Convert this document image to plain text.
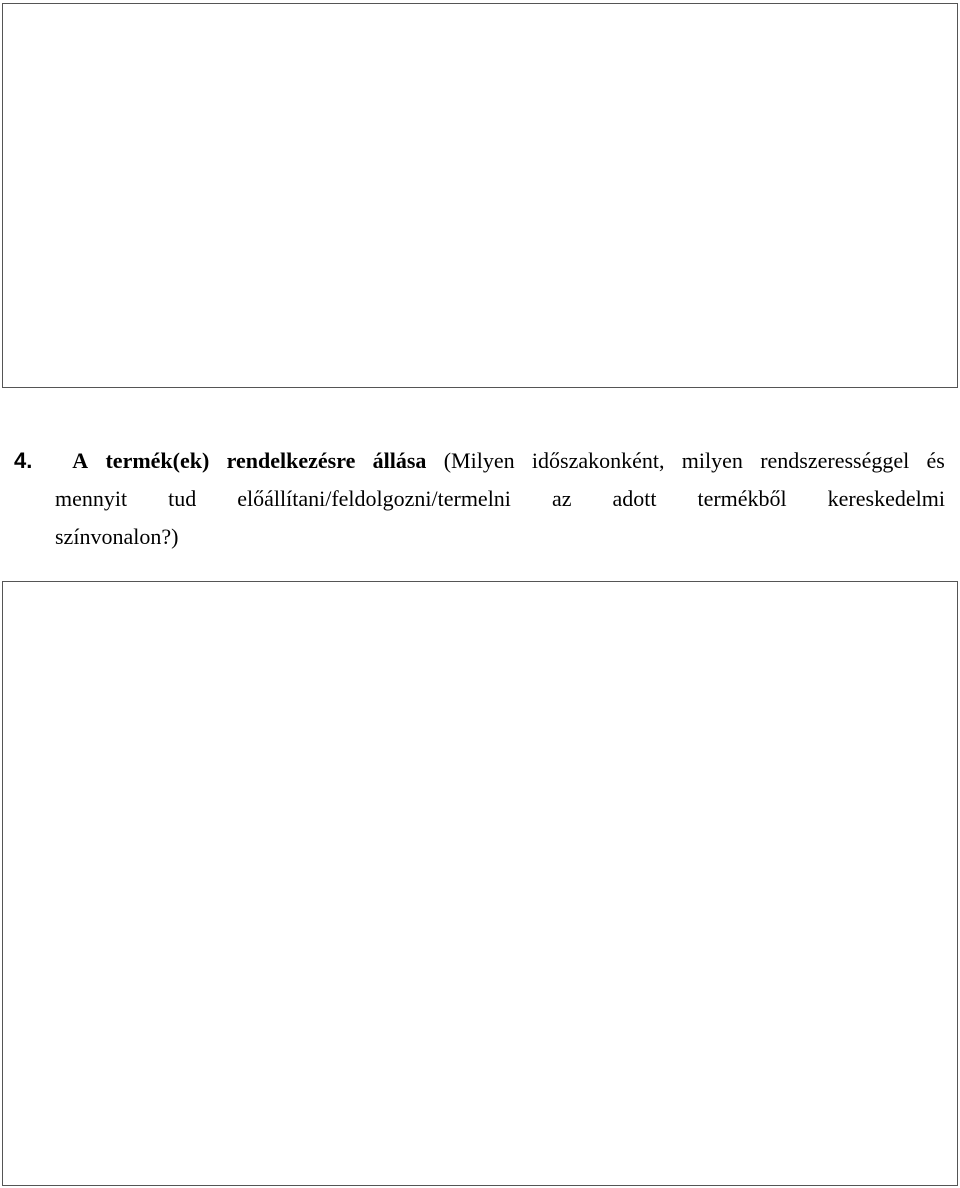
4.	A termék(ek) rendelkezésre állása (Milyen időszakonként, milyen rendszerességgel és
mennyit tud előállítani/feldolgozni/termelni az adott termékből kereskedelmi
színvonalon?)
